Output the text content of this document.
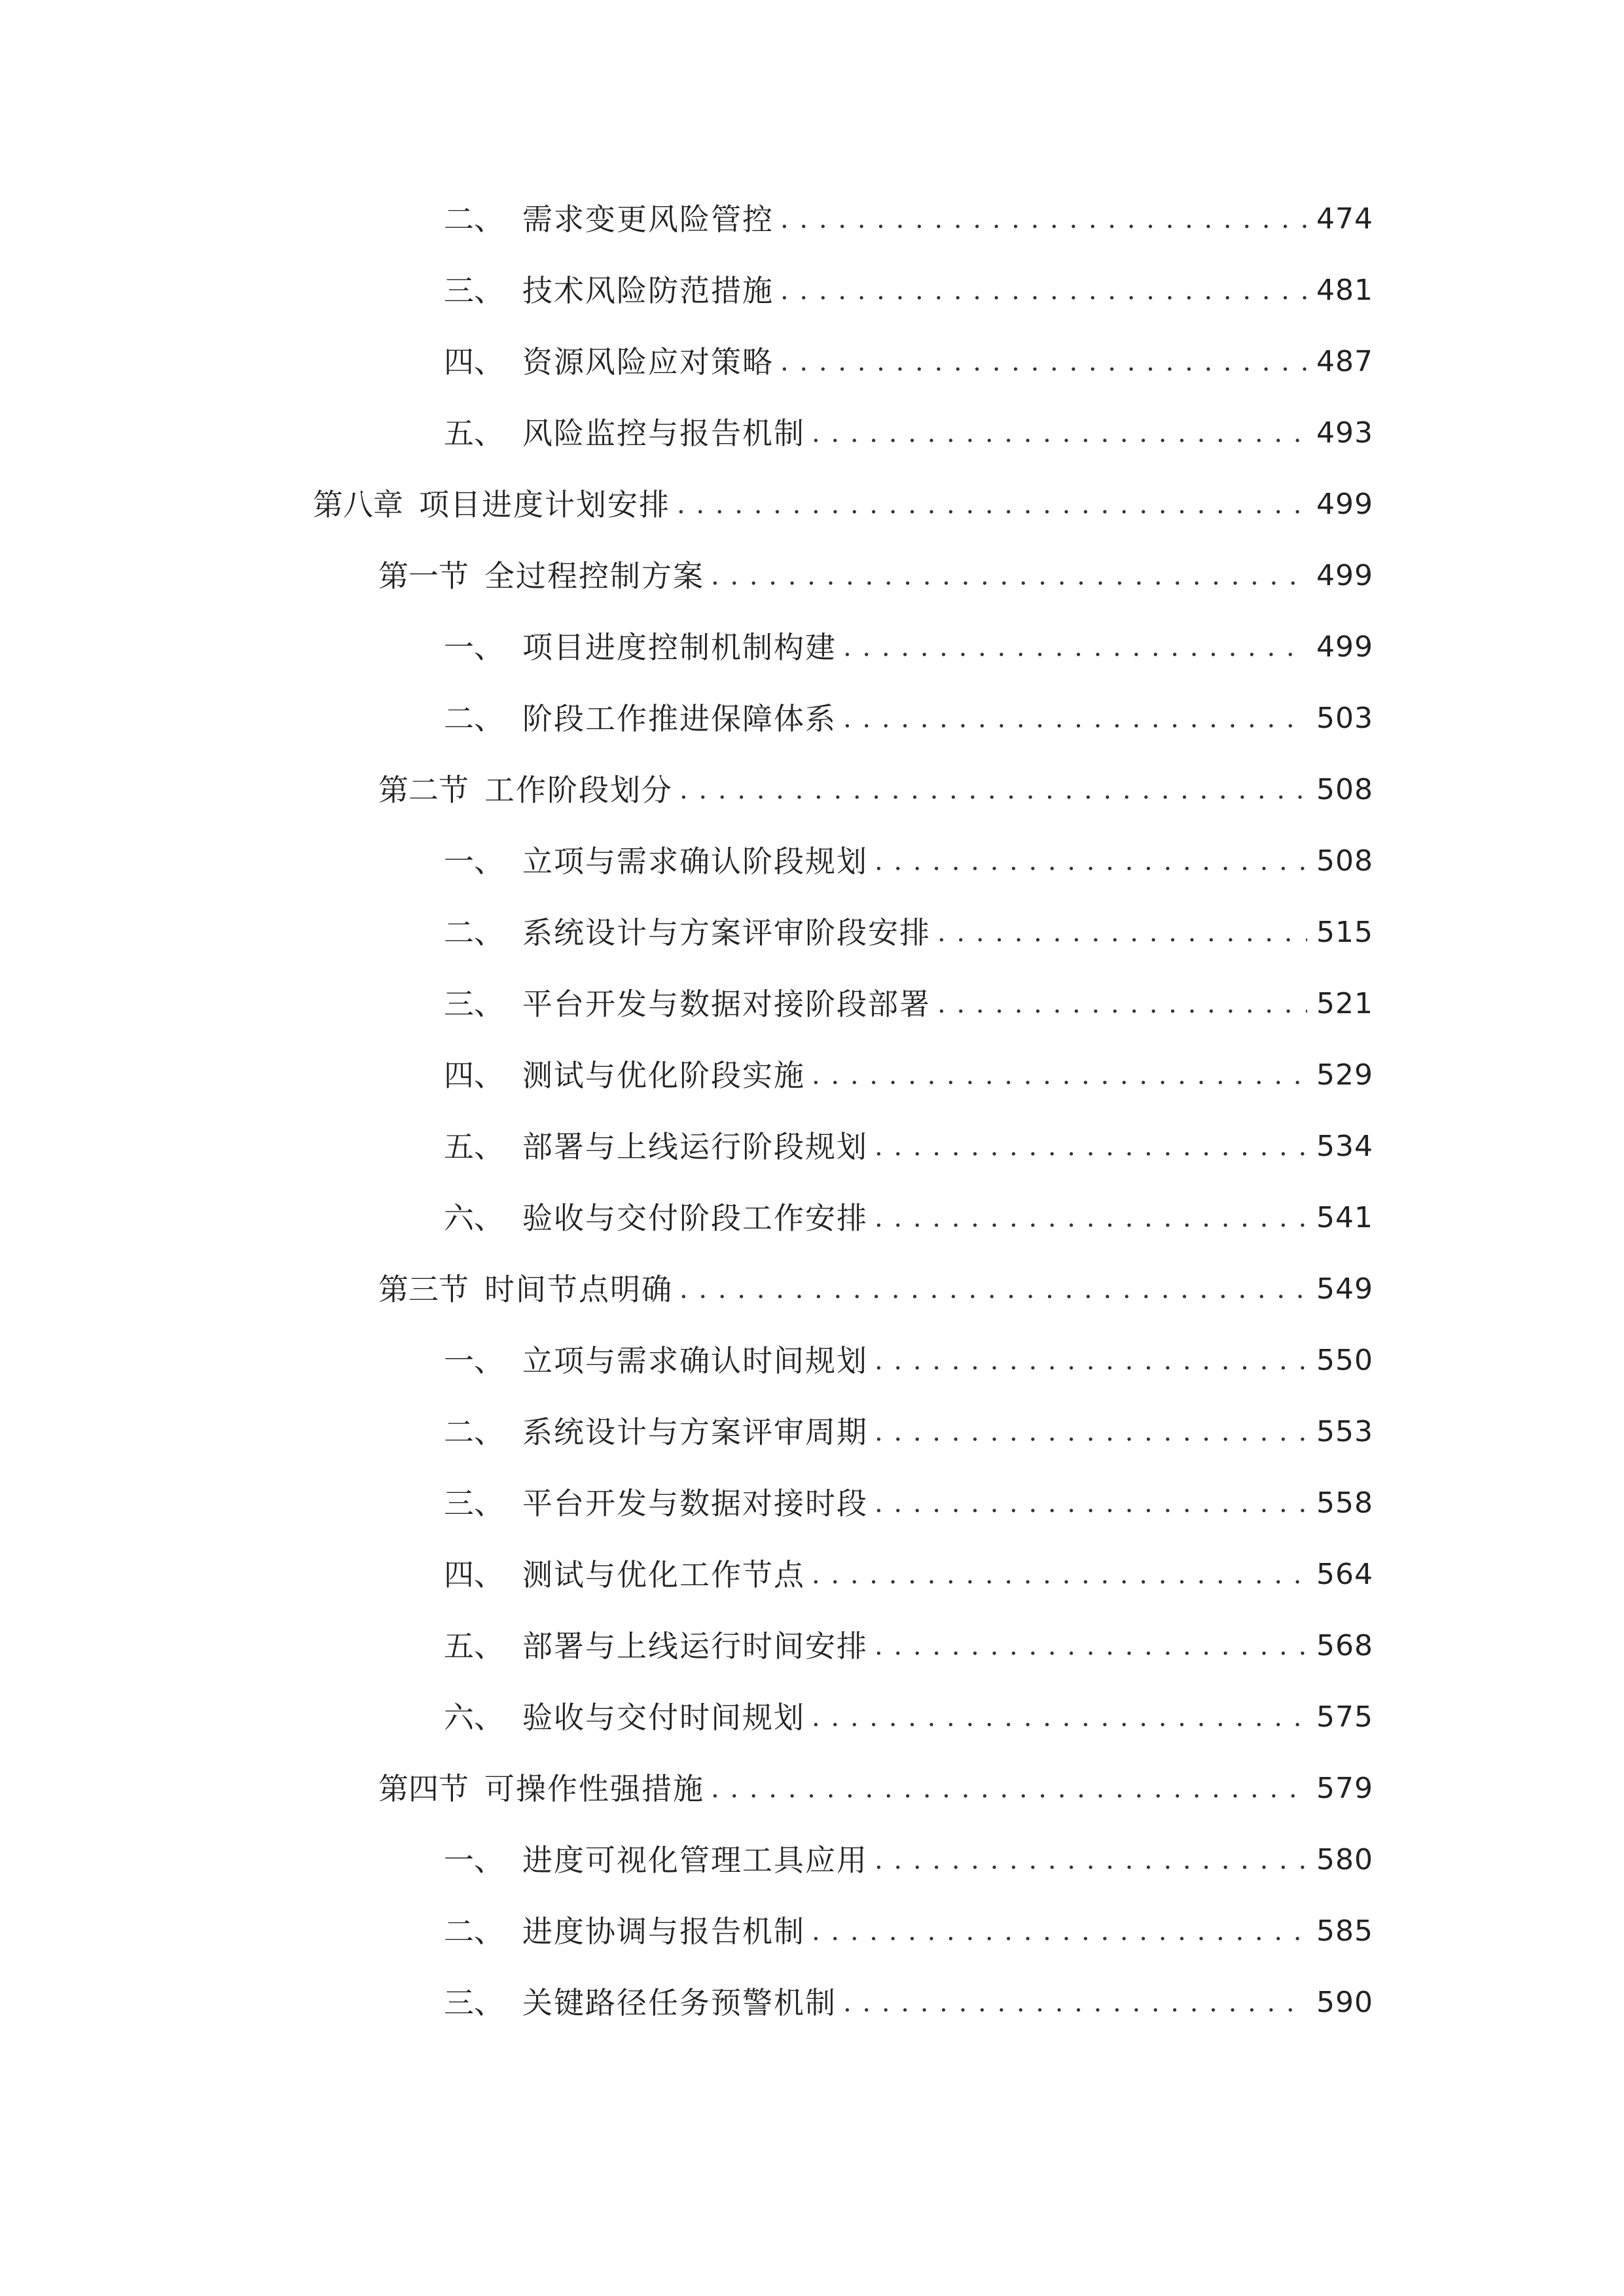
二、 需求变更风险管控 . . .	474
三、 技术风险防范措施 . . .	481
四、 资源风险应对策略 . . .	487
五、 风险监控与报告机制 . . .	493
第八章 项目进度计划安排 . . .	499
第一节 全过程控制方案 . . .	499
一、 项目进度控制机制构建 . . .	499
二、 阶段工作推进保障体系 . . .	503
第二节 工作阶段划分 . . .	508
一、 立项与需求确认阶段规划 . . .	508
二、 系统设计与方案评审阶段安排 . . .	515
三、 平台开发与数据对接阶段部署 . . .	521
四、 测试与优化阶段实施 . . .	529
五、 部署与上线运行阶段规划 . . .	534
六、 验收与交付阶段工作安排 . . .	541
第三节 时间节点明确 . . .	549
一、 立项与需求确认时间规划 . . .	550
二、 系统设计与方案评审周期 . . .	553
三、 平台开发与数据对接时段 . . .	558
四、 测试与优化工作节点 . . .	564
五、 部署与上线运行时间安排 . . .	568
六、 验收与交付时间规划 . . .	575
第四节 可操作性强措施 . . .	579
一、 进度可视化管理工具应用 . . .	580
二、 进度协调与报告机制 . . .	585
三、 关键路径任务预警机制 . . .	590
